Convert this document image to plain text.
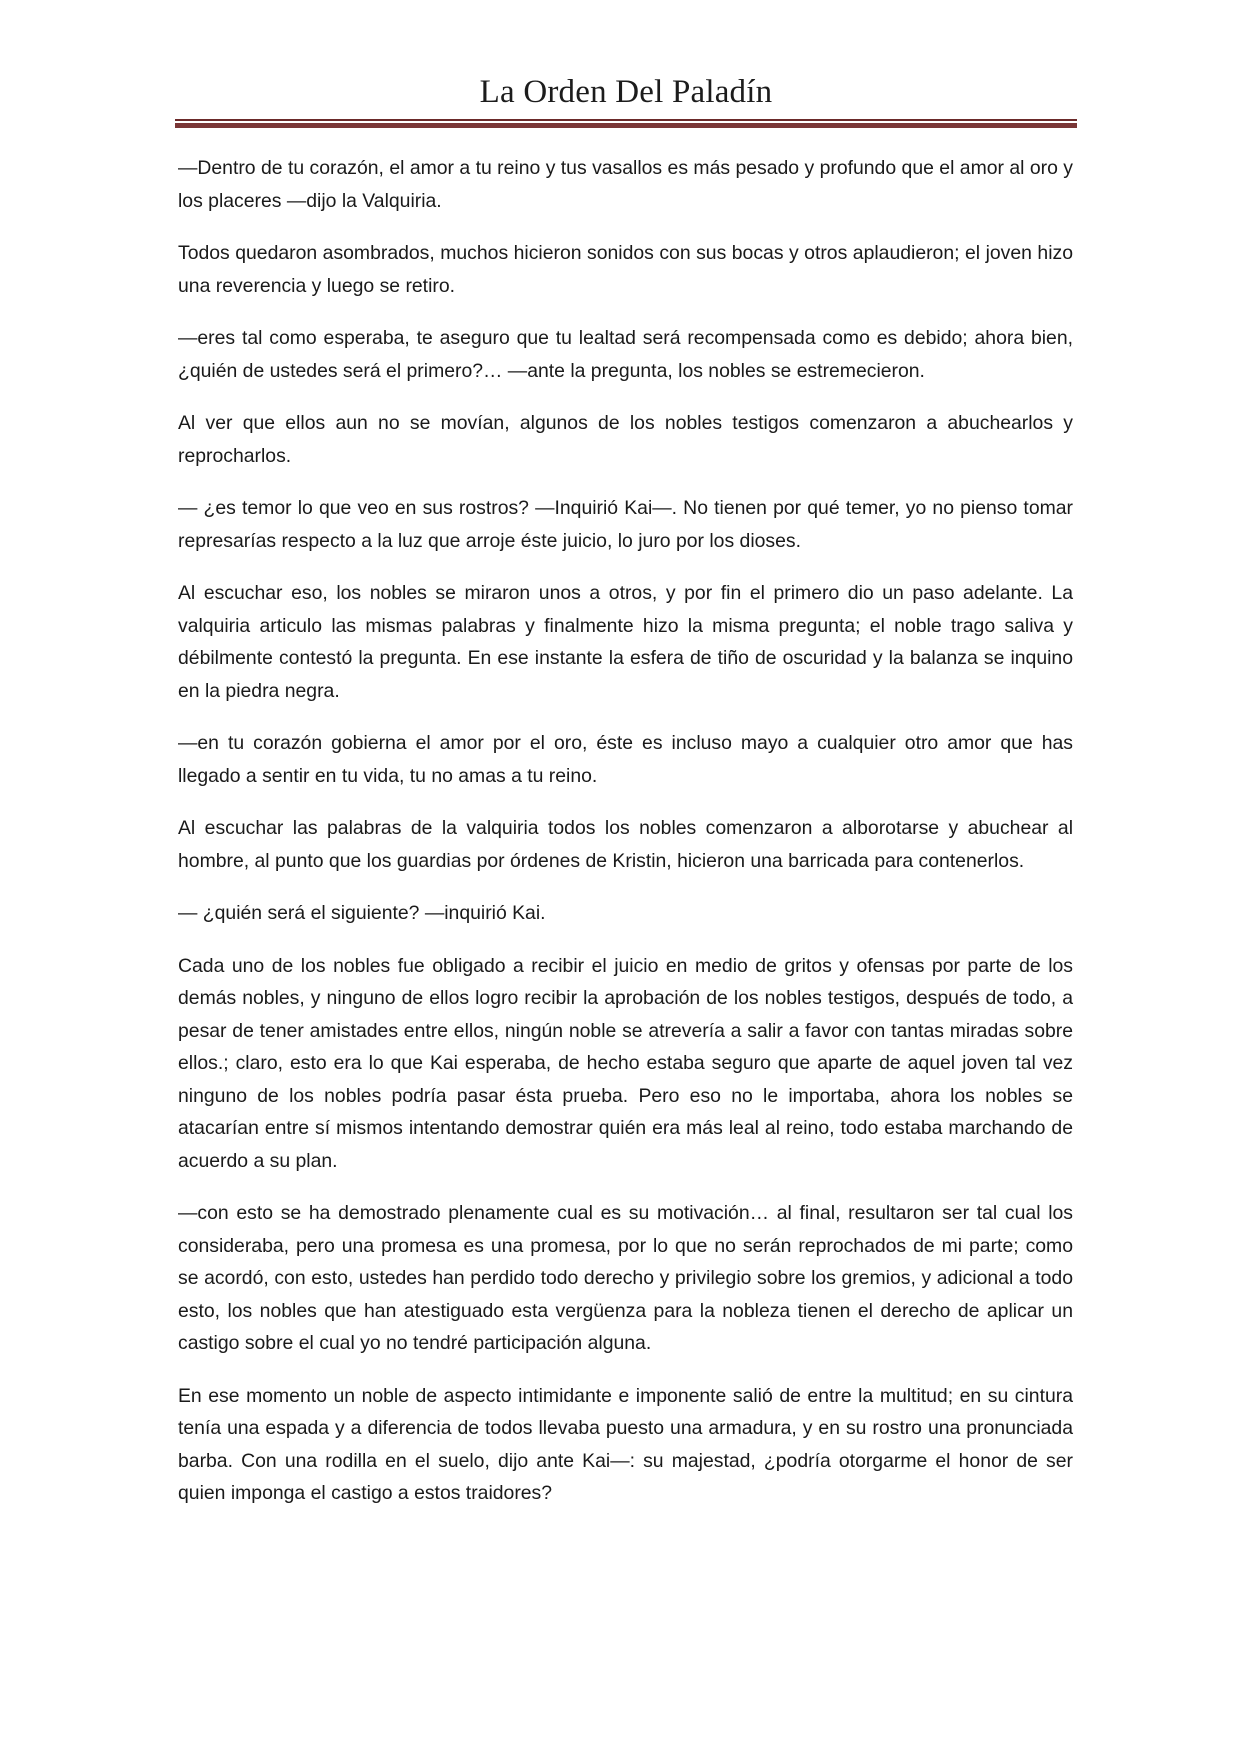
La Orden Del Paladín

—Dentro de tu corazón, el amor a tu reino y tus vasallos es más pesado y profundo que el amor al oro y los placeres —dijo la Valquiria.

Todos quedaron asombrados, muchos hicieron sonidos con sus bocas y otros aplaudieron; el joven hizo una reverencia y luego se retiro.

—eres tal como esperaba, te aseguro que tu lealtad será recompensada como es debido; ahora bien, ¿quién de ustedes será el primero?… —ante la pregunta, los nobles se estremecieron.

Al ver que ellos aun no se movían, algunos de los nobles testigos comenzaron a abuchearlos y reprocharlos.

— ¿es temor lo que veo en sus rostros? —Inquirió Kai—. No tienen por qué temer, yo no pienso tomar represarías respecto a la luz que arroje éste juicio, lo juro por los dioses.

Al escuchar eso, los nobles se miraron unos a otros, y por fin el primero dio un paso adelante. La valquiria articulo las mismas palabras y finalmente hizo la misma pregunta; el noble trago saliva y débilmente contestó la pregunta. En ese instante la esfera de tiño de oscuridad y la balanza se inquino en la piedra negra.

—en tu corazón gobierna el amor por el oro, éste es incluso mayo a cualquier otro amor que has llegado a sentir en tu vida, tu no amas a tu reino.

Al escuchar las palabras de la valquiria todos los nobles comenzaron a alborotarse y abuchear al hombre, al punto que los guardias por órdenes de Kristin, hicieron una barricada para contenerlos.

— ¿quién será el siguiente? —inquirió Kai.

Cada uno de los nobles fue obligado a recibir el juicio en medio de gritos y ofensas por parte de los demás nobles, y ninguno de ellos logro recibir la aprobación de los nobles testigos, después de todo, a pesar de tener amistades entre ellos, ningún noble se atrevería a salir a favor con tantas miradas sobre ellos.; claro, esto era lo que Kai esperaba, de hecho estaba seguro que aparte de aquel joven tal vez ninguno de los nobles podría pasar ésta prueba. Pero eso no le importaba, ahora los nobles se atacarían entre sí mismos intentando demostrar quién era más leal al reino, todo estaba marchando de acuerdo a su plan.

—con esto se ha demostrado plenamente cual es su motivación… al final, resultaron ser tal cual los consideraba, pero una promesa es una promesa, por lo que no serán reprochados de mi parte; como se acordó, con esto, ustedes han perdido todo derecho y privilegio sobre los gremios, y adicional a todo esto, los nobles que han atestiguado esta vergüenza para la nobleza tienen el derecho de aplicar un castigo sobre el cual yo no tendré participación alguna.

En ese momento un noble de aspecto intimidante e imponente salió de entre la multitud; en su cintura tenía una espada y a diferencia de todos llevaba puesto una armadura, y en su rostro una pronunciada barba. Con una rodilla en el suelo, dijo ante Kai—: su majestad, ¿podría otorgarme el honor de ser quien imponga el castigo a estos traidores?
